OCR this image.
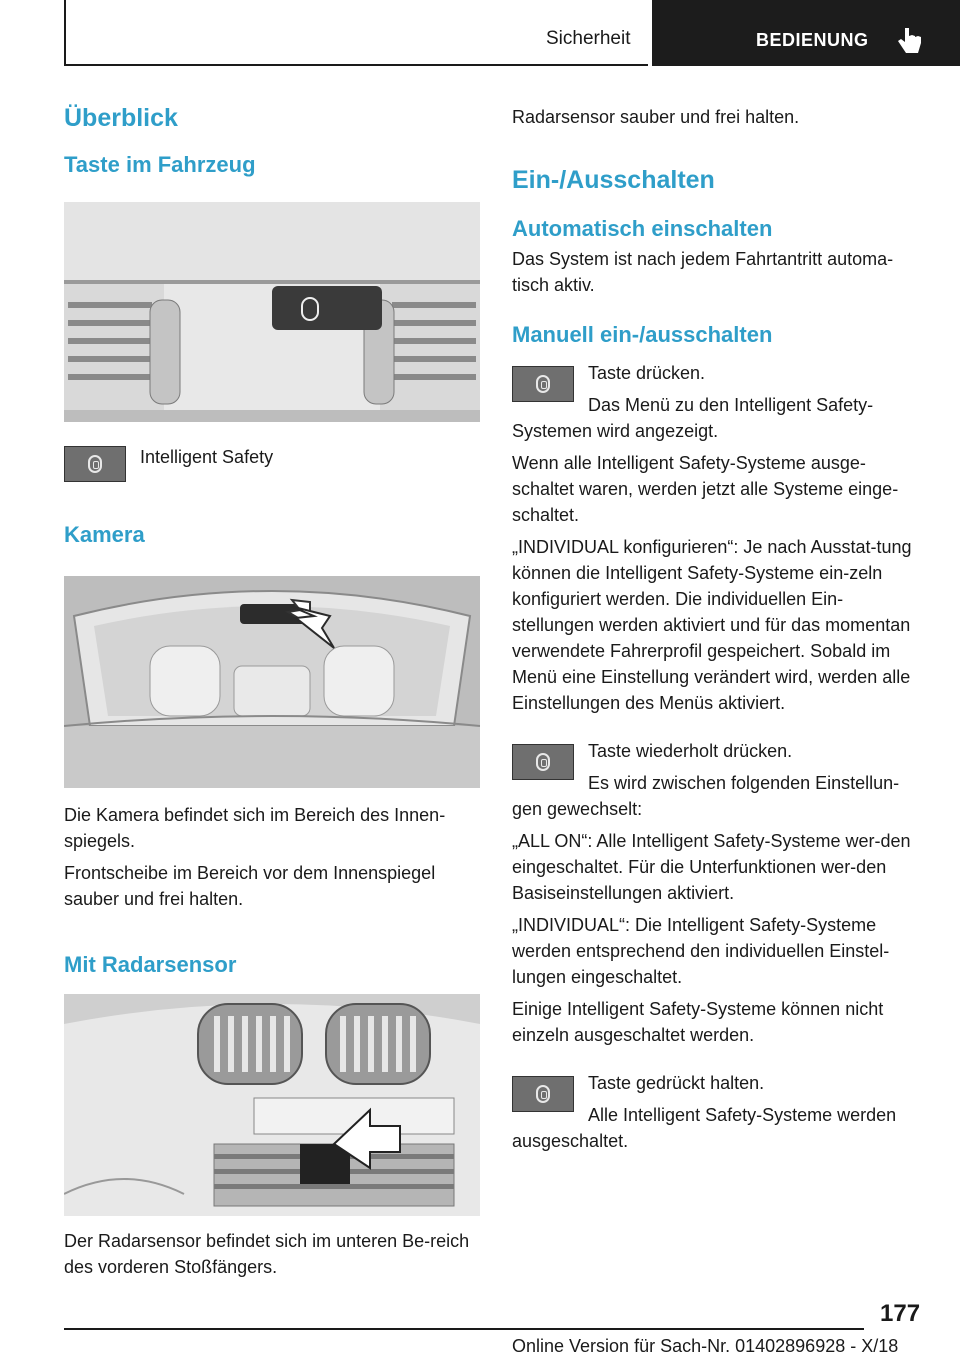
Sicherheit	BEDIENUNG
Überblick
Taste im Fahrzeug

Intelligent Safety

Kamera

Die Kamera befindet sich im Bereich des Innen-spiegels.

Frontscheibe im Bereich vor dem Innenspiegel sauber und frei halten.

Mit Radarsensor

Der Radarsensor befindet sich im unteren Be-reich des vorderen Stoßfängers.

Radarsensor sauber und frei halten.

Ein-/Ausschalten
Automatisch einschalten

Das System ist nach jedem Fahrtantritt automa-tisch aktiv.

Manuell ein-/ausschalten

Taste drücken.

Das Menü zu den Intelligent Safety-Systemen wird angezeigt.

Wenn alle Intelligent Safety-Systeme ausge-schaltet waren, werden jetzt alle Systeme einge-schaltet.

„INDIVIDUAL konfigurieren“: Je nach Ausstat-tung können die Intelligent Safety-Systeme ein-zeln konfiguriert werden. Die individuellen Ein-stellungen werden aktiviert und für das momentan verwendete Fahrerprofil gespeichert. Sobald im Menü eine Einstellung verändert wird, werden alle Einstellungen des Menüs aktiviert.

Taste wiederholt drücken.

Es wird zwischen folgenden Einstellun-gen gewechselt:

„ALL ON“: Alle Intelligent Safety-Systeme wer-den eingeschaltet. Für die Unterfunktionen wer-den Basiseinstellungen aktiviert.

„INDIVIDUAL“: Die Intelligent Safety-Systeme werden entsprechend den individuellen Einstel-lungen eingeschaltet.

Einige Intelligent Safety-Systeme können nicht einzeln ausgeschaltet werden.

Taste gedrückt halten.

Alle Intelligent Safety-Systeme werden ausgeschaltet.

177
Online Version für Sach-Nr. 01402896928 - X/18
